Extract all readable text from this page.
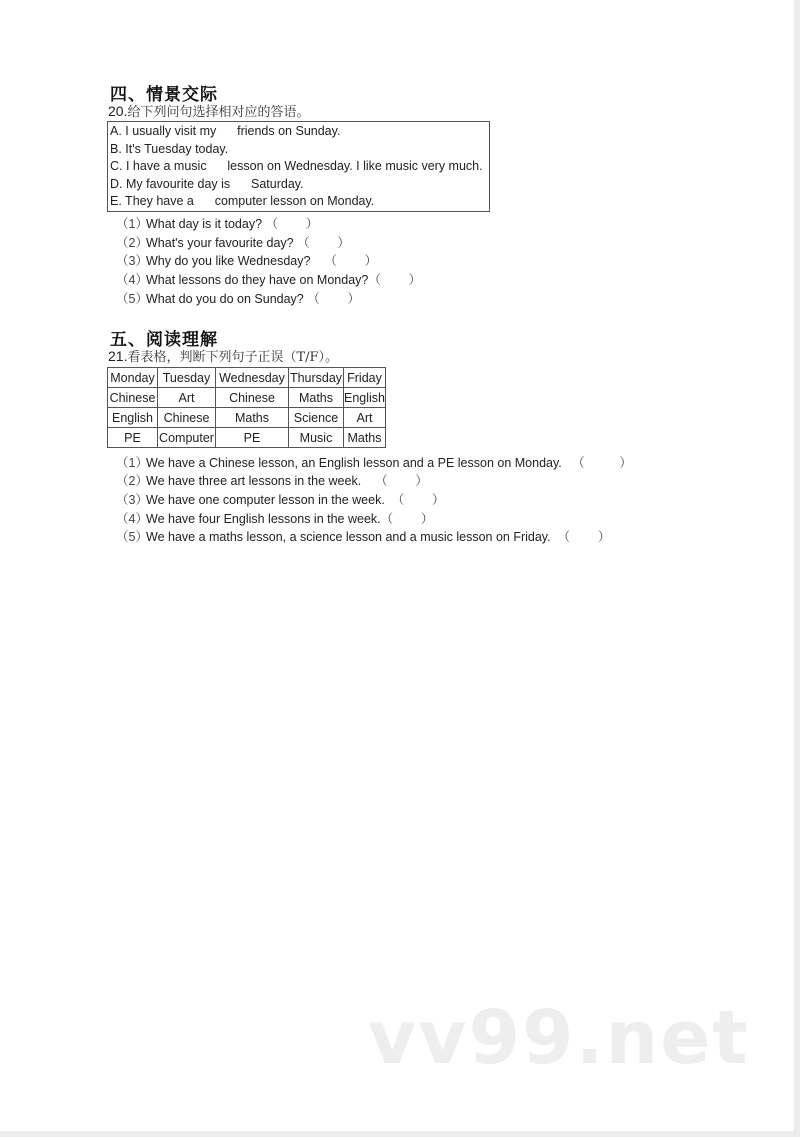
四、情景交际
20.给下列问句选择相对应的答语。
A. I usually visit my      friends on Sunday.
B. It's Tuesday today.
C. I have a music      lesson on Wednesday. I like music very much.
D. My favourite day is      Saturday.
E. They have a      computer lesson on Monday.
（1）What day is it today? （        ）
（2）What's your favourite day? （        ）
（3）Why do you like Wednesday?    （        ）
（4）What lessons do they have on Monday?（        ）
（5）What do you do on Sunday? （        ）
五、阅读理解
21.看表格，判断下列句子正误（T/F）。
Monday	Tuesday	Wednesday	Thursday	Friday
Chinese	Art	Chinese	Maths	English
English	Chinese	Maths	Science	Art
PE	Computer	PE	Music	Maths
（1）We have a Chinese lesson, an English lesson and a PE lesson on Monday.   （          ）
（2）We have three art lessons in the week.    （        ）
（3）We have one computer lesson in the week.  （        ）
（4）We have four English lessons in the week.（        ）
（5）We have a maths lesson, a science lesson and a music lesson on Friday.  （        ）
vv99.net
